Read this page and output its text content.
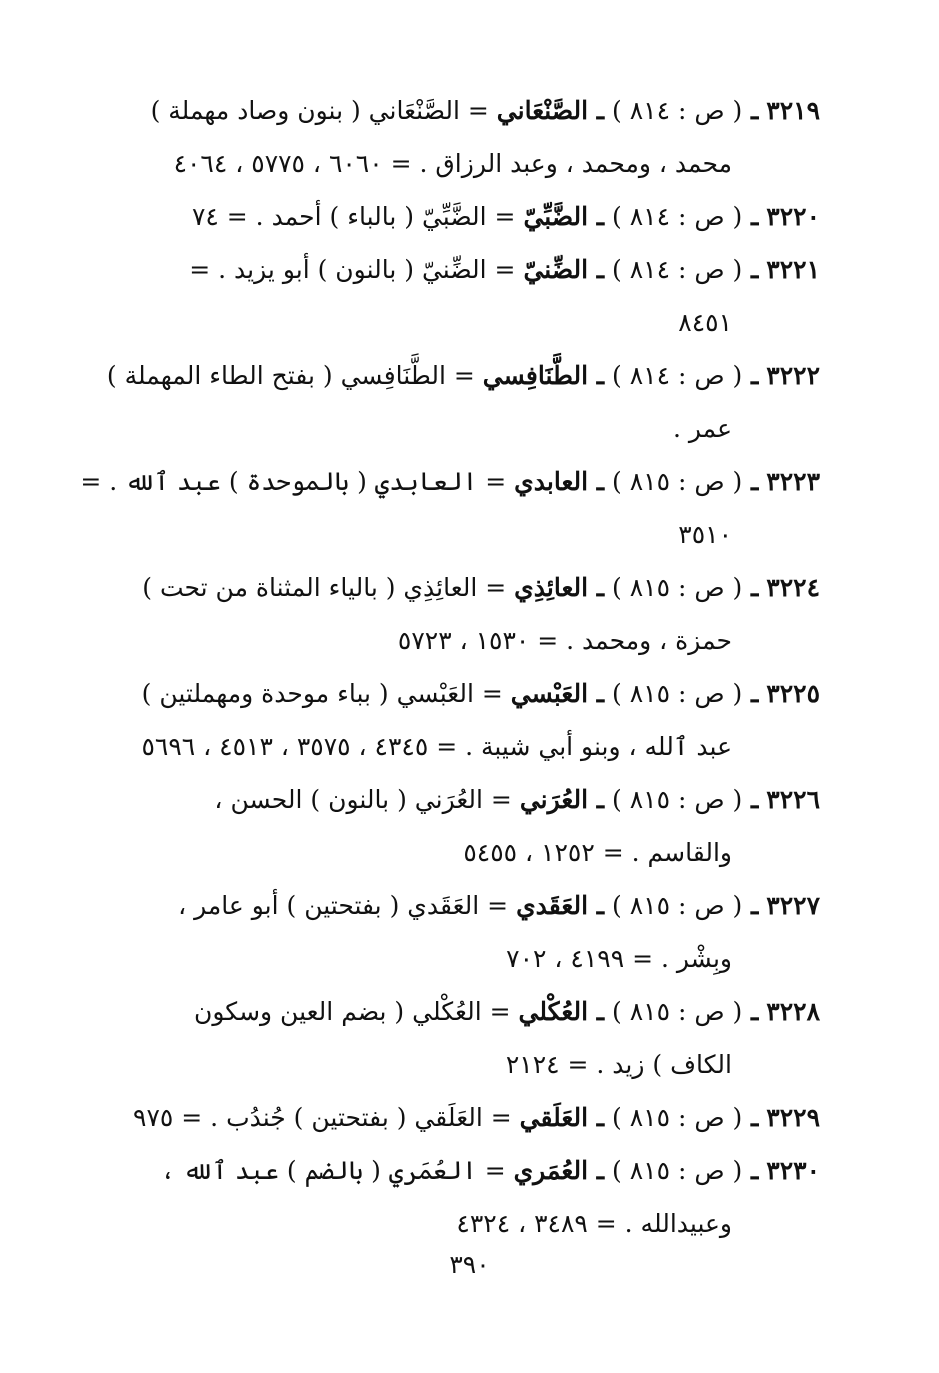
٣٢١٩ ـ ( ص : ٨١٤ ) ـ الصَّنْعَاني = الصَّنْعَاني ( بنون وصاد مهملة )
محمد ، ومحمد ، وعبد الرزاق . = ٦٠٦٠ ، ٥٧٧٥ ، ٤٠٦٤
٣٢٢٠ ـ ( ص : ٨١٤ ) ـ الضَّبِّيّ = الضَّبِّيّ ( بالباء ) أحمد . = ٧٤
٣٢٢١ ـ ( ص : ٨١٤ ) ـ الضِّنيّ = الضِّنيّ ( بالنون ) أبو يزيد . =
٨٤٥١
٣٢٢٢ ـ ( ص : ٨١٤ ) ـ الطَّنَافِسي = الطَّنَافِسي ( بفتح الطاء المهملة )
عمر .
٣٢٢٣ ـ ( ص : ٨١٥ ) ـ العابدي = العابدي ( بالموحدة ) عبد ٱلله . =
٣٥١٠
٣٢٢٤ ـ ( ص : ٨١٥ ) ـ العائِذِي = العائِذِي ( بالياء المثناة من تحت )
حمزة ، ومحمد . = ١٥٣٠ ، ٥٧٢٣
٣٢٢٥ ـ ( ص : ٨١٥ ) ـ العَبْسي = العَبْسي ( بباء موحدة ومهملتين )
عبد ٱلله ، وبنو أبي شيبة . = ٤٣٤٥ ، ٣٥٧٥ ، ٤٥١٣ ، ٥٦٩٦
٣٢٢٦ ـ ( ص : ٨١٥ ) ـ العُرَني = العُرَني ( بالنون ) الحسن ،
والقاسم . = ١٢٥٢ ، ٥٤٥٥
٣٢٢٧ ـ ( ص : ٨١٥ ) ـ العَقَدي = العَقَدي ( بفتحتين ) أبو عامر ،
وبِشْر . = ٤١٩٩ ، ٧٠٢
٣٢٢٨ ـ ( ص : ٨١٥ ) ـ العُكْلي = العُكْلي ( بضم العين وسكون
الكاف ) زيد . = ٢١٢٤
٣٢٢٩ ـ ( ص : ٨١٥ ) ـ العَلَقي = العَلَقي ( بفتحتين ) جُندُب . = ٩٧٥
٣٢٣٠ ـ ( ص : ٨١٥ ) ـ العُمَري = العُمَري ( بالضم ) عبد ٱلله ،
وعبيدالله . = ٣٤٨٩ ، ٤٣٢٤
٣٩٠
